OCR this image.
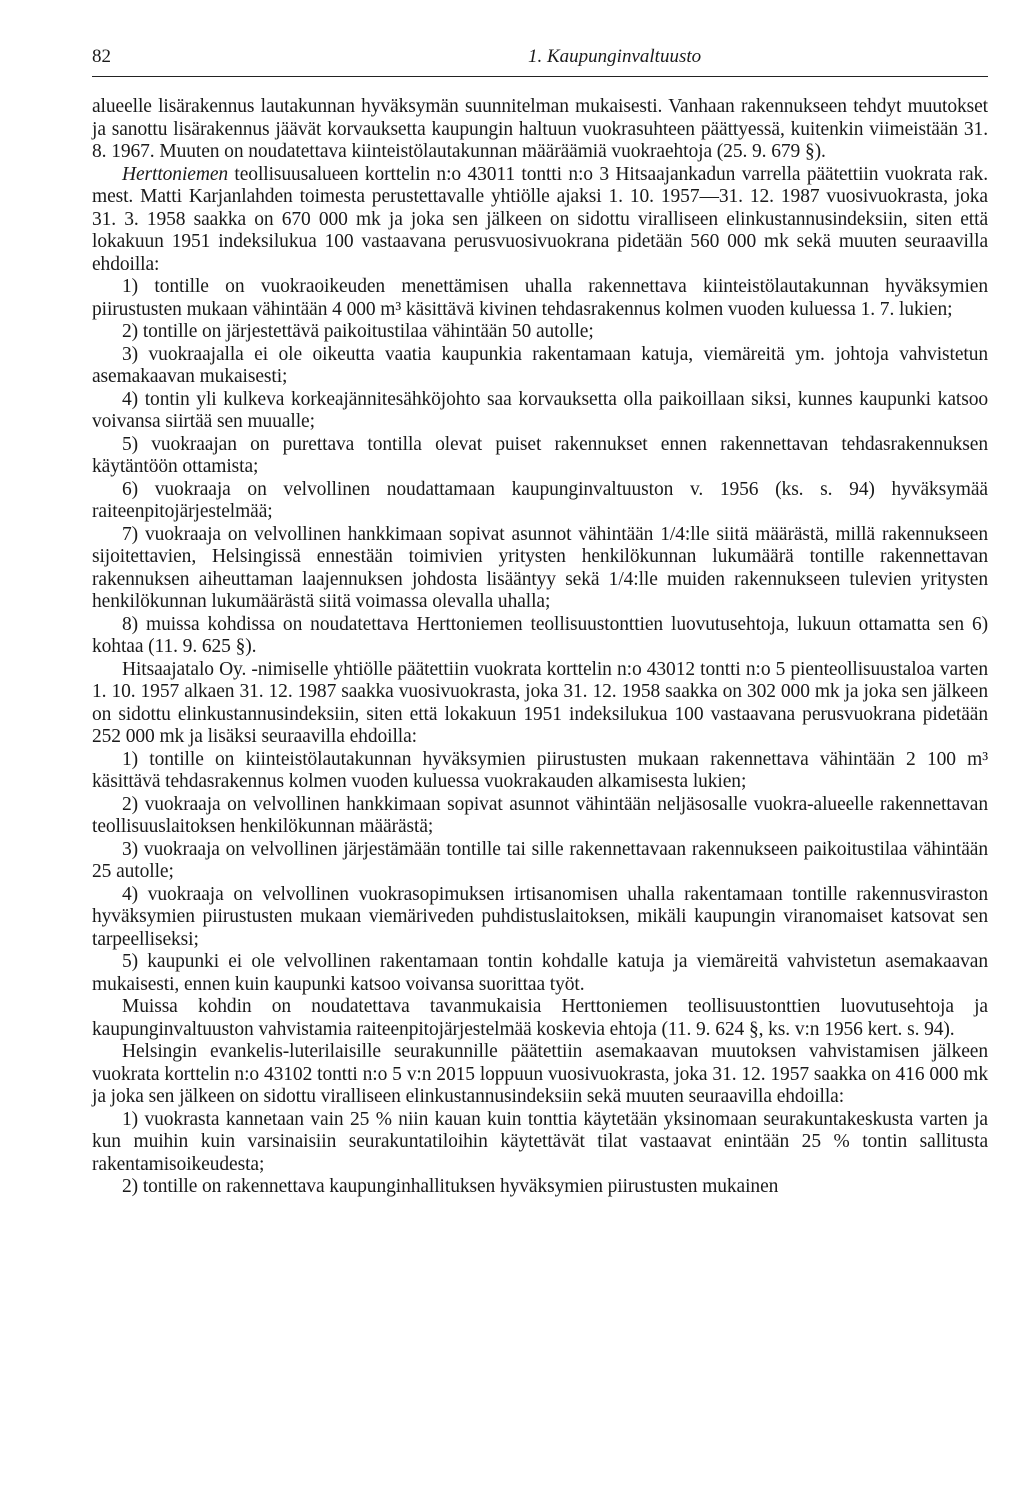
82	1. Kaupunginvaltuusto

alueelle lisärakennus lautakunnan hyväksymän suunnitelman mukaisesti. Vanhaan rakennukseen tehdyt muutokset ja sanottu lisärakennus jäävät korvauksetta kaupungin haltuun vuokrasuhteen päättyessä, kuitenkin viimeistään 31. 8. 1967. Muuten on noudatettava kiinteistölautakunnan määräämiä vuokraehtoja (25. 9. 679 §).

Herttoniemen teollisuusalueen korttelin n:o 43011 tontti n:o 3 Hitsaajankadun varrella päätettiin vuokrata rak. mest. Matti Karjanlahden toimesta perustettavalle yhtiölle ajaksi 1. 10. 1957—31. 12. 1987 vuosivuokrasta, joka 31. 3. 1958 saakka on 670 000 mk ja joka sen jälkeen on sidottu viralliseen elinkustannusindeksiin, siten että lokakuun 1951 indeksilukua 100 vastaavana perusvuosivuokrana pidetään 560 000 mk sekä muuten seuraavilla ehdoilla:

1) tontille on vuokraoikeuden menettämisen uhalla rakennettava kiinteistölautakunnan hyväksymien piirustusten mukaan vähintään 4 000 m³ käsittävä kivinen tehdasrakennus kolmen vuoden kuluessa 1. 7. lukien;

2) tontille on järjestettävä paikoitustilaa vähintään 50 autolle;

3) vuokraajalla ei ole oikeutta vaatia kaupunkia rakentamaan katuja, viemäreitä ym. johtoja vahvistetun asemakaavan mukaisesti;

4) tontin yli kulkeva korkeajännitesähköjohto saa korvauksetta olla paikoillaan siksi, kunnes kaupunki katsoo voivansa siirtää sen muualle;

5) vuokraajan on purettava tontilla olevat puiset rakennukset ennen rakennettavan tehdasrakennuksen käytäntöön ottamista;

6) vuokraaja on velvollinen noudattamaan kaupunginvaltuuston v. 1956 (ks. s. 94) hyväksymää raiteenpitojärjestelmää;

7) vuokraaja on velvollinen hankkimaan sopivat asunnot vähintään 1/4:lle siitä määrästä, millä rakennukseen sijoitettavien, Helsingissä ennestään toimivien yritysten henkilökunnan lukumäärä tontille rakennettavan rakennuksen aiheuttaman laajennuksen johdosta lisääntyy sekä 1/4:lle muiden rakennukseen tulevien yritysten henkilökunnan lukumäärästä siitä voimassa olevalla uhalla;

8) muissa kohdissa on noudatettava Herttoniemen teollisuustonttien luovutusehtoja, lukuun ottamatta sen 6) kohtaa (11. 9. 625 §).

Hitsaajatalo Oy. -nimiselle yhtiölle päätettiin vuokrata korttelin n:o 43012 tontti n:o 5 pienteollisuustaloa varten 1. 10. 1957 alkaen 31. 12. 1987 saakka vuosivuokrasta, joka 31. 12. 1958 saakka on 302 000 mk ja joka sen jälkeen on sidottu elinkustannusindeksiin, siten että lokakuun 1951 indeksilukua 100 vastaavana perusvuokrana pidetään 252 000 mk ja lisäksi seuraavilla ehdoilla:

1) tontille on kiinteistölautakunnan hyväksymien piirustusten mukaan rakennettava vähintään 2 100 m³ käsittävä tehdasrakennus kolmen vuoden kuluessa vuokrakauden alkamisesta lukien;

2) vuokraaja on velvollinen hankkimaan sopivat asunnot vähintään neljäsosalle vuokra-alueelle rakennettavan teollisuuslaitoksen henkilökunnan määrästä;

3) vuokraaja on velvollinen järjestämään tontille tai sille rakennettavaan rakennukseen paikoitustilaa vähintään 25 autolle;

4) vuokraaja on velvollinen vuokrasopimuksen irtisanomisen uhalla rakentamaan tontille rakennusviraston hyväksymien piirustusten mukaan viemäriveden puhdistuslaitoksen, mikäli kaupungin viranomaiset katsovat sen tarpeelliseksi;

5) kaupunki ei ole velvollinen rakentamaan tontin kohdalle katuja ja viemäreitä vahvistetun asemakaavan mukaisesti, ennen kuin kaupunki katsoo voivansa suorittaa työt.

Muissa kohdin on noudatettava tavanmukaisia Herttoniemen teollisuustonttien luovutusehtoja ja kaupunginvaltuuston vahvistamia raiteenpitojärjestelmää koskevia ehtoja (11. 9. 624 §, ks. v:n 1956 kert. s. 94).

Helsingin evankelis-luterilaisille seurakunnille päätettiin asemakaavan muutoksen vahvistamisen jälkeen vuokrata korttelin n:o 43102 tontti n:o 5 v:n 2015 loppuun vuosivuokrasta, joka 31. 12. 1957 saakka on 416 000 mk ja joka sen jälkeen on sidottu viralliseen elinkustannusindeksiin sekä muuten seuraavilla ehdoilla:

1) vuokrasta kannetaan vain 25 % niin kauan kuin tonttia käytetään yksinomaan seurakuntakeskusta varten ja kun muihin kuin varsinaisiin seurakuntatiloihin käytettävät tilat vastaavat enintään 25 % tontin sallitusta rakentamisoikeudesta;

2) tontille on rakennettava kaupunginhallituksen hyväksymien piirustusten mukainen
